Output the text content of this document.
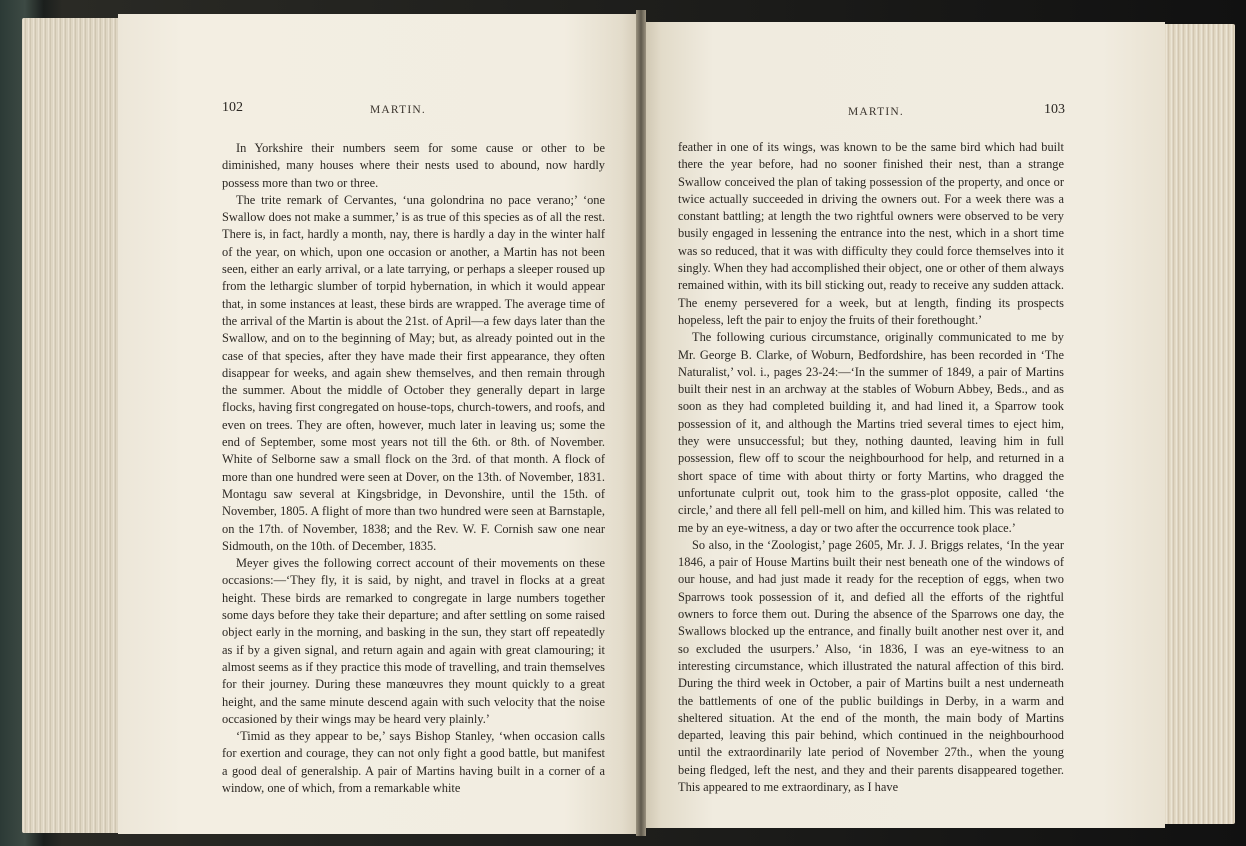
102	MARTIN.

In Yorkshire their numbers seem for some cause or other to be diminished, many houses where their nests used to abound, now hardly possess more than two or three.

The trite remark of Cervantes, ‘una golondrina no pace verano;’ ‘one Swallow does not make a summer,’ is as true of this species as of all the rest. There is, in fact, hardly a month, nay, there is hardly a day in the winter half of the year, on which, upon one occasion or another, a Martin has not been seen, either an early arrival, or a late tarrying, or perhaps a sleeper roused up from the lethargic slumber of torpid hybernation, in which it would appear that, in some instances at least, these birds are wrapped. The average time of the arrival of the Martin is about the 21st. of April—a few days later than the Swallow, and on to the beginning of May; but, as already pointed out in the case of that species, after they have made their first appearance, they often disappear for weeks, and again shew themselves, and then remain through the summer. About the middle of October they generally depart in large flocks, having first congregated on house-tops, church-towers, and roofs, and even on trees. They are often, however, much later in leaving us; some the end of September, some most years not till the 6th. or 8th. of November. White of Selborne saw a small flock on the 3rd. of that month. A flock of more than one hundred were seen at Dover, on the 13th. of November, 1831. Montagu saw several at Kingsbridge, in Devonshire, until the 15th. of November, 1805. A flight of more than two hundred were seen at Barnstaple, on the 17th. of November, 1838; and the Rev. W. F. Cornish saw one near Sidmouth, on the 10th. of December, 1835.

Meyer gives the following correct account of their movements on these occasions:—‘They fly, it is said, by night, and travel in flocks at a great height. These birds are remarked to congregate in large numbers together some days before they take their departure; and after settling on some raised object early in the morning, and basking in the sun, they start off repeatedly as if by a given signal, and return again and again with great clamouring; it almost seems as if they practice this mode of travelling, and train themselves for their journey. During these manœuvres they mount quickly to a great height, and the same minute descend again with such velocity that the noise occasioned by their wings may be heard very plainly.’

‘Timid as they appear to be,’ says Bishop Stanley, ‘when occasion calls for exertion and courage, they can not only fight a good battle, but manifest a good deal of generalship. A pair of Martins having built in a corner of a window, one of which, from a remarkable white

MARTIN.	103

feather in one of its wings, was known to be the same bird which had built there the year before, had no sooner finished their nest, than a strange Swallow conceived the plan of taking possession of the property, and once or twice actually succeeded in driving the owners out. For a week there was a constant battling; at length the two rightful owners were observed to be very busily engaged in lessening the entrance into the nest, which in a short time was so reduced, that it was with difficulty they could force themselves into it singly. When they had accomplished their object, one or other of them always remained within, with its bill sticking out, ready to receive any sudden attack. The enemy persevered for a week, but at length, finding its prospects hopeless, left the pair to enjoy the fruits of their forethought.’

The following curious circumstance, originally communicated to me by Mr. George B. Clarke, of Woburn, Bedfordshire, has been recorded in ‘The Naturalist,’ vol. i., pages 23-24:—‘In the summer of 1849, a pair of Martins built their nest in an archway at the stables of Woburn Abbey, Beds., and as soon as they had completed building it, and had lined it, a Sparrow took possession of it, and although the Martins tried several times to eject him, they were unsuccessful; but they, nothing daunted, leaving him in full possession, flew off to scour the neighbourhood for help, and returned in a short space of time with about thirty or forty Martins, who dragged the unfortunate culprit out, took him to the grass-plot opposite, called ‘the circle,’ and there all fell pell-mell on him, and killed him. This was related to me by an eye-witness, a day or two after the occurrence took place.’

So also, in the ‘Zoologist,’ page 2605, Mr. J. J. Briggs relates, ‘In the year 1846, a pair of House Martins built their nest beneath one of the windows of our house, and had just made it ready for the reception of eggs, when two Sparrows took possession of it, and defied all the efforts of the rightful owners to force them out. During the absence of the Sparrows one day, the Swallows blocked up the entrance, and finally built another nest over it, and so excluded the usurpers.’ Also, ‘in 1836, I was an eye-witness to an interesting circumstance, which illustrated the natural affection of this bird. During the third week in October, a pair of Martins built a nest underneath the battlements of one of the public buildings in Derby, in a warm and sheltered situation. At the end of the month, the main body of Martins departed, leaving this pair behind, which continued in the neighbourhood until the extraordinarily late period of November 27th., when the young being fledged, left the nest, and they and their parents disappeared together. This appeared to me extraordinary, as I have
